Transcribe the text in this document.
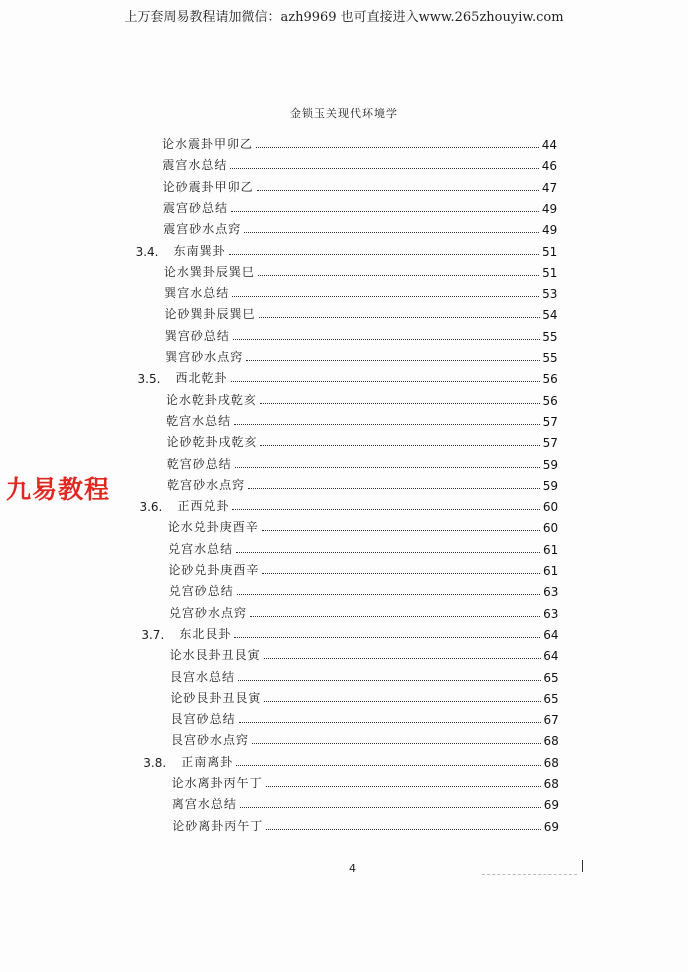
上万套周易教程请加微信：azh9969 也可直接进入www.265zhouyiw.com
金锁玉关现代环境学
九易教程
论水震卦甲卯乙	44
震宫水总结	46
论砂震卦甲卯乙	47
震宫砂总结	49
震宫砂水点窍	49
3.4.	东南巽卦	51
论水巽卦辰巽巳	51
巽宫水总结	53
论砂巽卦辰巽巳	54
巽宫砂总结	55
巽宫砂水点窍	55
3.5.	西北乾卦	56
论水乾卦戌乾亥	56
乾宫水总结	57
论砂乾卦戌乾亥	57
乾宫砂总结	59
乾宫砂水点窍	59
3.6.	正西兑卦	60
论水兑卦庚酉辛	60
兑宫水总结	61
论砂兑卦庚酉辛	61
兑宫砂总结	63
兑宫砂水点窍	63
3.7.	东北艮卦	64
论水艮卦丑艮寅	64
艮宫水总结	65
论砂艮卦丑艮寅	65
艮宫砂总结	67
艮宫砂水点窍	68
3.8.	正南离卦	68
论水离卦丙午丁	68
离宫水总结	69
论砂离卦丙午丁	69
4
